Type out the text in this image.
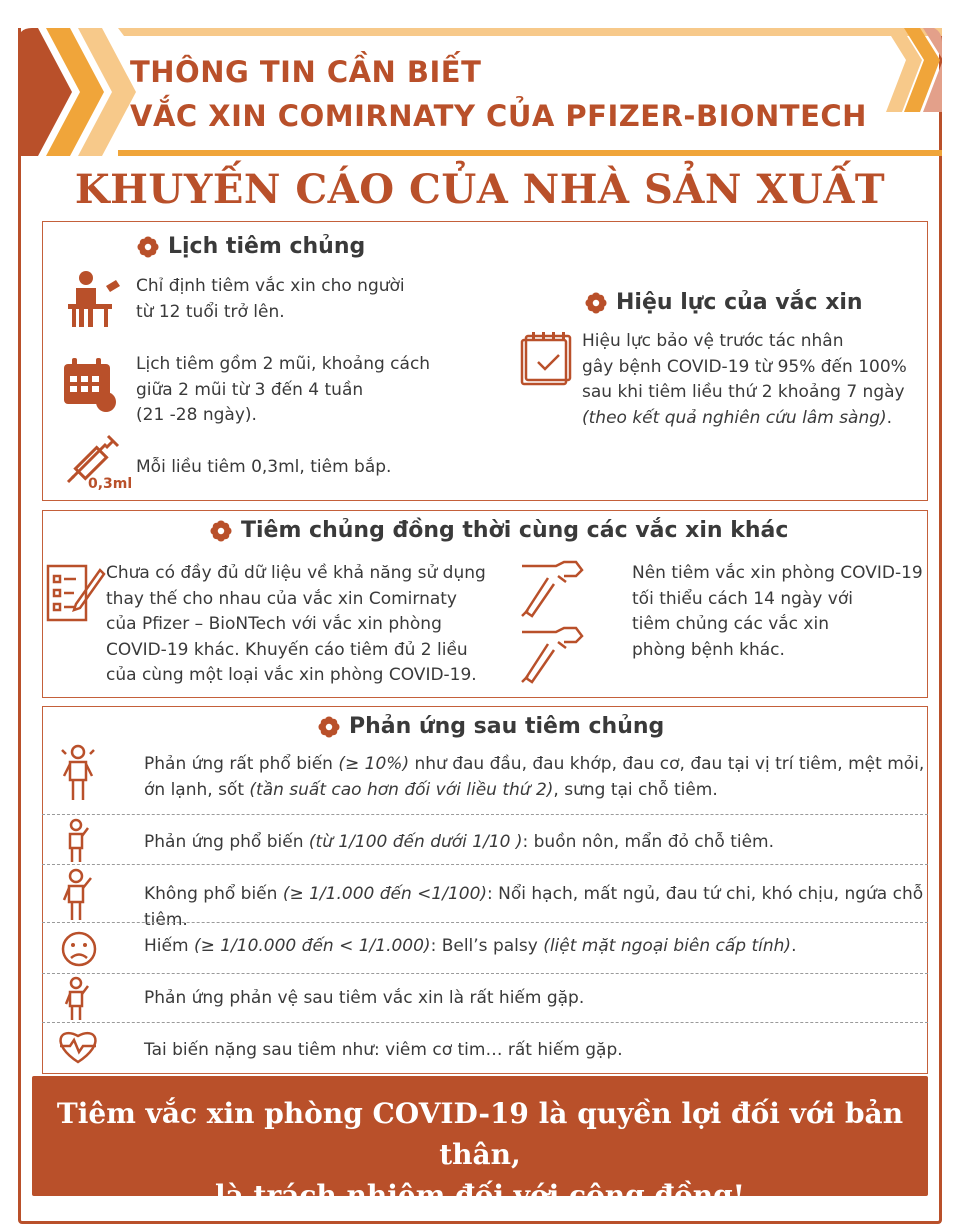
THÔNG TIN CẦN BIẾT
VẮC XIN COMIRNATY CỦA PFIZER-BIONTECH
KHUYẾN CÁO CỦA NHÀ SẢN XUẤT
Lịch tiêm chủng
Chỉ định tiêm vắc xin cho người
từ 12 tuổi trở lên.
Lịch tiêm gồm 2 mũi, khoảng cách
giữa 2 mũi từ 3 đến 4 tuần
(21 -28 ngày).
0,3ml
Mỗi liều tiêm 0,3ml, tiêm bắp.
Hiệu lực của vắc xin
Hiệu lực bảo vệ trước tác nhân
gây bệnh COVID-19 từ 95% đến 100%
sau khi tiêm liều thứ 2 khoảng 7 ngày
(theo kết quả nghiên cứu lâm sàng).
Tiêm chủng đồng thời cùng các vắc xin khác
Chưa có đầy đủ dữ liệu về khả năng sử dụng
thay thế cho nhau của vắc xin Comirnaty
của Pfizer – BioNTech với vắc xin phòng
COVID-19 khác. Khuyến cáo tiêm đủ 2 liều
của cùng một loại vắc xin phòng COVID-19.
Nên tiêm vắc xin phòng COVID-19
tối thiểu cách 14 ngày với
tiêm chủng các vắc xin
phòng bệnh khác.
Phản ứng sau tiêm chủng
Phản ứng rất phổ biến (≥ 10%) như đau đầu, đau khớp, đau cơ, đau tại vị trí tiêm, mệt mỏi,
ớn lạnh, sốt (tần suất cao hơn đối với liều thứ 2), sưng tại chỗ tiêm.
Phản ứng phổ biến (từ 1/100 đến dưới 1/10 ): buồn nôn, mẩn đỏ chỗ tiêm.
Không phổ biến (≥ 1/1.000 đến <1/100): Nổi hạch, mất ngủ, đau tứ chi, khó chịu, ngứa chỗ tiêm.
Hiếm (≥ 1/10.000 đến < 1/1.000): Bell’s palsy (liệt mặt ngoại biên cấp tính).
Phản ứng phản vệ sau tiêm vắc xin là rất hiếm gặp.
Tai biến nặng sau tiêm như: viêm cơ tim… rất hiếm gặp.
Tiêm vắc xin phòng COVID-19 là quyền lợi đối với bản thân,
là trách nhiệm đối với cộng đồng!
